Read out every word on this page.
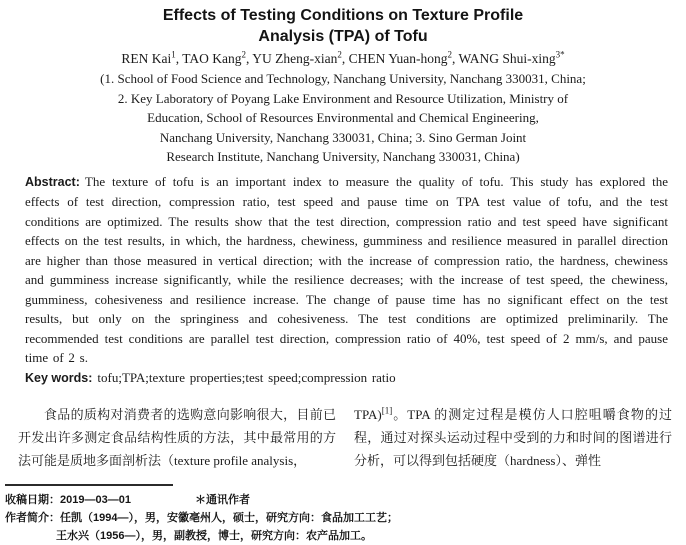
Effects of Testing Conditions on Texture Profile
Analysis (TPA) of Tofu
REN Kai$^1$, TAO Kang$^2$, YU Zheng-xian$^2$, CHEN Yuan-hong$^2$, WANG Shui-xing$^{3*}$
(1. School of Food Science and Technology, Nanchang University, Nanchang 330031, China;
2. Key Laboratory of Poyang Lake Environment and Resource Utilization, Ministry of
Education, School of Resources Environmental and Chemical Engineering,
Nanchang University, Nanchang 330031, China; 3. Sino German Joint
Research Institute, Nanchang University, Nanchang 330031, China)

Abstract: The texture of tofu is an important index to measure the quality of tofu. This study has explored the effects of test direction, compression ratio, test speed and pause time on TPA test value of tofu, and the test conditions are optimized. The results show that the test direction, compression ratio and test speed have significant effects on the test results, in which, the hardness, chewiness, gumminess and resilience measured in parallel direction are higher than those measured in vertical direction; with the increase of compression ratio, the hardness, chewiness and gumminess increase significantly, while the resilience decreases; with the increase of test speed, the chewiness, gumminess, cohesiveness and resilience increase. The change of pause time has no significant effect on the test results, but only on the springiness and cohesiveness. The test conditions are optimized preliminarily. The recommended test conditions are parallel test direction, compression ratio of 40%, test speed of 2 mm/s, and pause time of 2 s.

Key words: tofu;TPA;texture properties;test speed;compression ratio

食品的质构对消费者的选购意向影响很大，目前已开发出许多测定食品结构性质的方法，其中最常用的方法可能是质地多面剖析法（texture profile analysis，

TPA)[1]。TPA 的测定过程是模仿人口腔咀嚼食物的过程，通过对探头运动过程中受到的力和时间的图谱进行分析，可以得到包括硬度（hardness）、弹性

收稿日期：2019—03—01	＊通讯作者
作者简介：任凯（1994—），男，安徽亳州人，硕士，研究方向：食品加工工艺；
王水兴（1956—），男，副教授，博士，研究方向：农产品加工。
